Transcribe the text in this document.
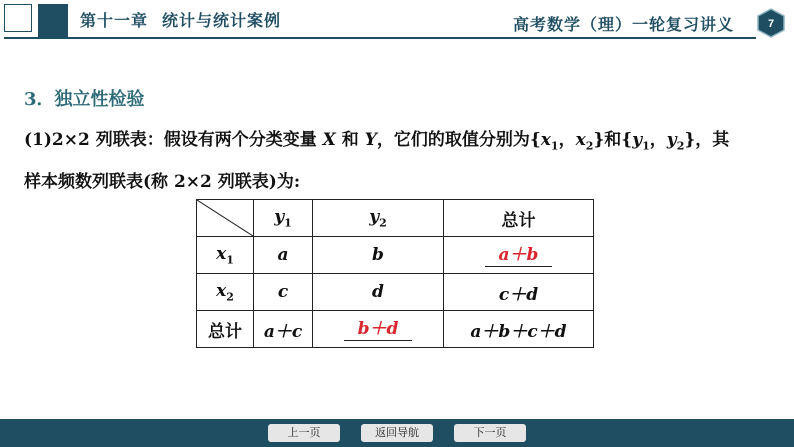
第十一章 统计与统计案例	高考数学（理）一轮复习讲义	7
3．独立性检验
(1)2×2 列联表：假设有两个分类变量 X 和 Y，它们的取值分别为{$x_1$，$x_2$}和{$y_1$，$y_2$}，其
样本频数列联表(称 2×2 列联表)为:
	$y_1$	$y_2$	总计
$x_1$	a	b	a＋b
$x_2$	c	d	c＋d
总计	a＋c	b＋d	a＋b＋c＋d
上一页	返回导航	下一页
